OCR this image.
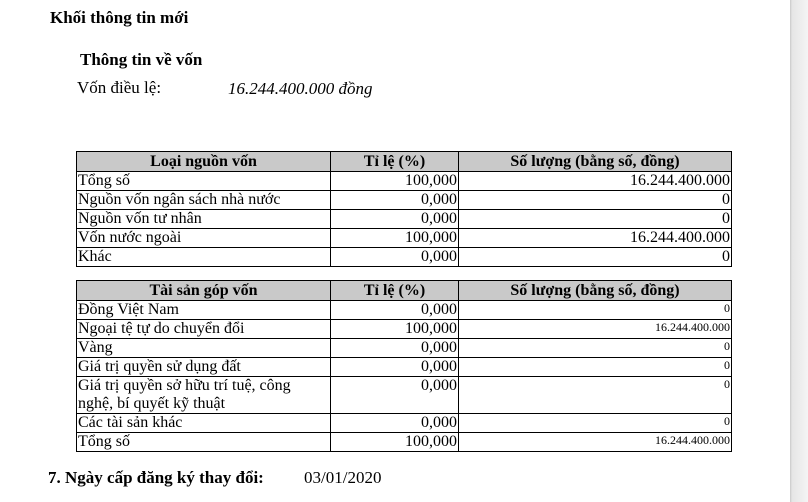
Khối thông tin mới
Thông tin về vốn
Vốn điều lệ:	16.244.400.000 đồng
Loại nguồn vốn	Tỉ lệ (%)	Số lượng (bằng số, đồng)
Tổng số	100,000	16.244.400.000
Nguồn vốn ngân sách nhà nước	0,000	0
Nguồn vốn tư nhân	0,000	0
Vốn nước ngoài	100,000	16.244.400.000
Khác	0,000	0
Tài sản góp vốn	Tỉ lệ (%)	Số lượng (bằng số, đồng)
Đồng Việt Nam	0,000	0
Ngoại tệ tự do chuyển đổi	100,000	16.244.400.000
Vàng	0,000	0
Giá trị quyền sử dụng đất	0,000	0
Giá trị quyền sở hữu trí tuệ, công nghệ, bí quyết kỹ thuật	0,000	0
Các tài sản khác	0,000	0
Tổng số	100,000	16.244.400.000
7. Ngày cấp đăng ký thay đổi: 03/01/2020
